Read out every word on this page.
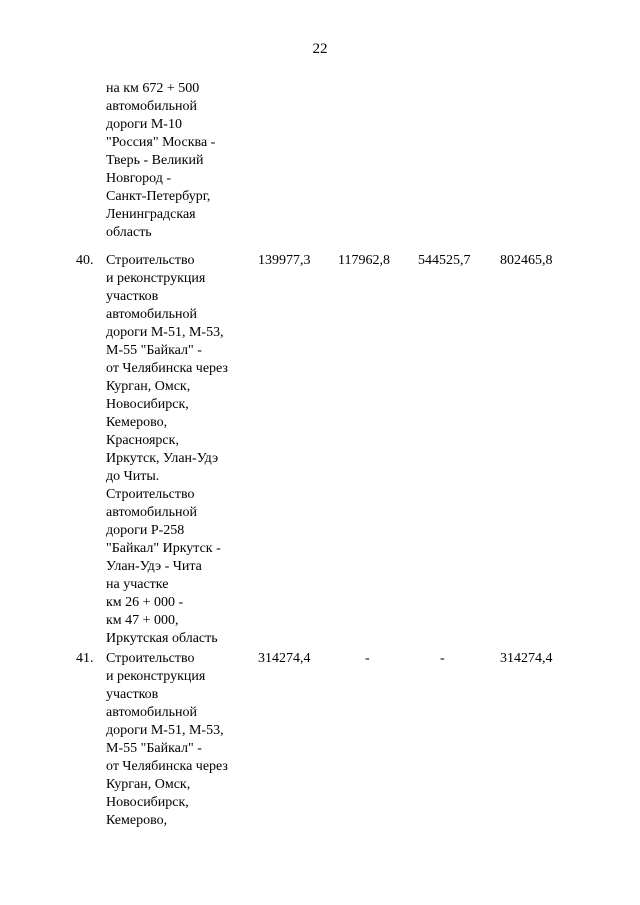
22
на км 672 + 500
автомобильной
дороги М-10
"Россия" Москва -
Тверь - Великий
Новгород -
Санкт-Петербург,
Ленинградская
область
40. Строительство
и реконструкция
участков
автомобильной
дороги М-51, М-53,
М-55 "Байкал" -
от Челябинска через
Курган, Омск,
Новосибирск,
Кемерово,
Красноярск,
Иркутск, Улан-Удэ
до Читы.
Строительство
автомобильной
дороги Р-258
"Байкал" Иркутск -
Улан-Удэ - Чита
на участке
км 26 + 000 -
км 47 + 000,
Иркутская область
139977,3 117962,8 544525,7 802465,8
41. Строительство
и реконструкция
участков
автомобильной
дороги М-51, М-53,
М-55 "Байкал" -
от Челябинска через
Курган, Омск,
Новосибирск,
Кемерово,
314274,4	-	-	314274,4
